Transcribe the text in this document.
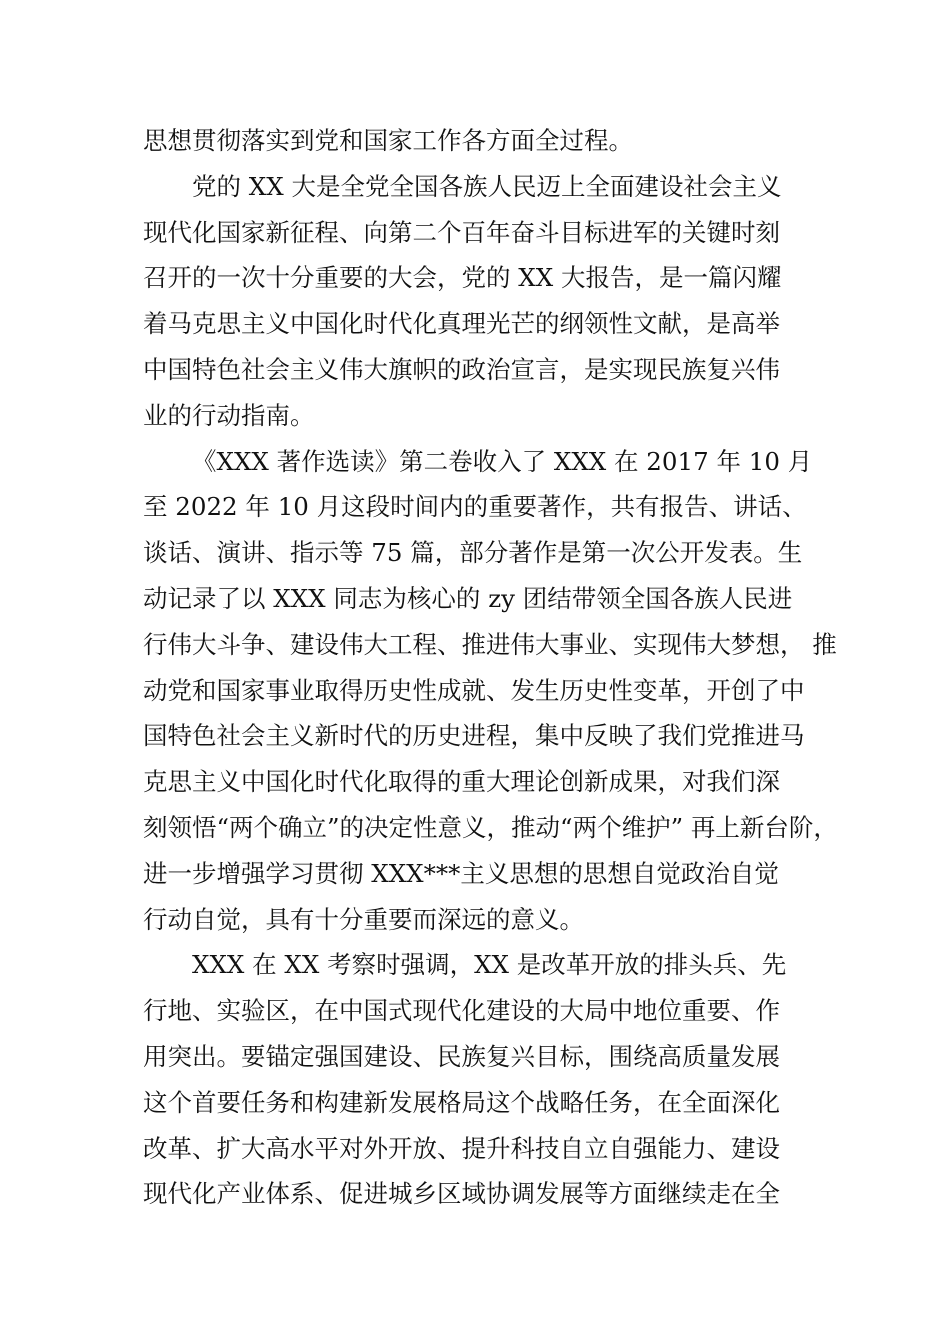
思想贯彻落实到党和国家工作各方面全过程。
党的 XX 大是全党全国各族人民迈上全面建设社会主义
现代化国家新征程、向第二个百年奋斗目标进军的关键时刻
召开的一次十分重要的大会，党的 XX 大报告，是一篇闪耀
着马克思主义中国化时代化真理光芒的纲领性文献，是高举
中国特色社会主义伟大旗帜的政治宣言，是实现民族复兴伟
业的行动指南。
《XXX 著作选读》第二卷收入了 XXX 在 2017 年 10 月
至 2022 年 10 月这段时间内的重要著作，共有报告、讲话、
谈话、演讲、指示等 75 篇，部分著作是第一次公开发表。生
动记录了以 XXX 同志为核心的 zy 团结带领全国各族人民进
行伟大斗争、建设伟大工程、推进伟大事业、实现伟大梦想， 推
动党和国家事业取得历史性成就、发生历史性变革，开创了中
国特色社会主义新时代的历史进程，集中反映了我们党推进马
克思主义中国化时代化取得的重大理论创新成果，对我们深
刻领悟“两个确立”的决定性意义，推动“两个维护” 再上新台阶，
进一步增强学习贯彻 XXX***主义思想的思想自觉政治自觉
行动自觉，具有十分重要而深远的意义。
XXX 在 XX 考察时强调，XX 是改革开放的排头兵、先
行地、实验区，在中国式现代化建设的大局中地位重要、作
用突出。要锚定强国建设、民族复兴目标，围绕高质量发展
这个首要任务和构建新发展格局这个战略任务，在全面深化
改革、扩大高水平对外开放、提升科技自立自强能力、建设
现代化产业体系、促进城乡区域协调发展等方面继续走在全
